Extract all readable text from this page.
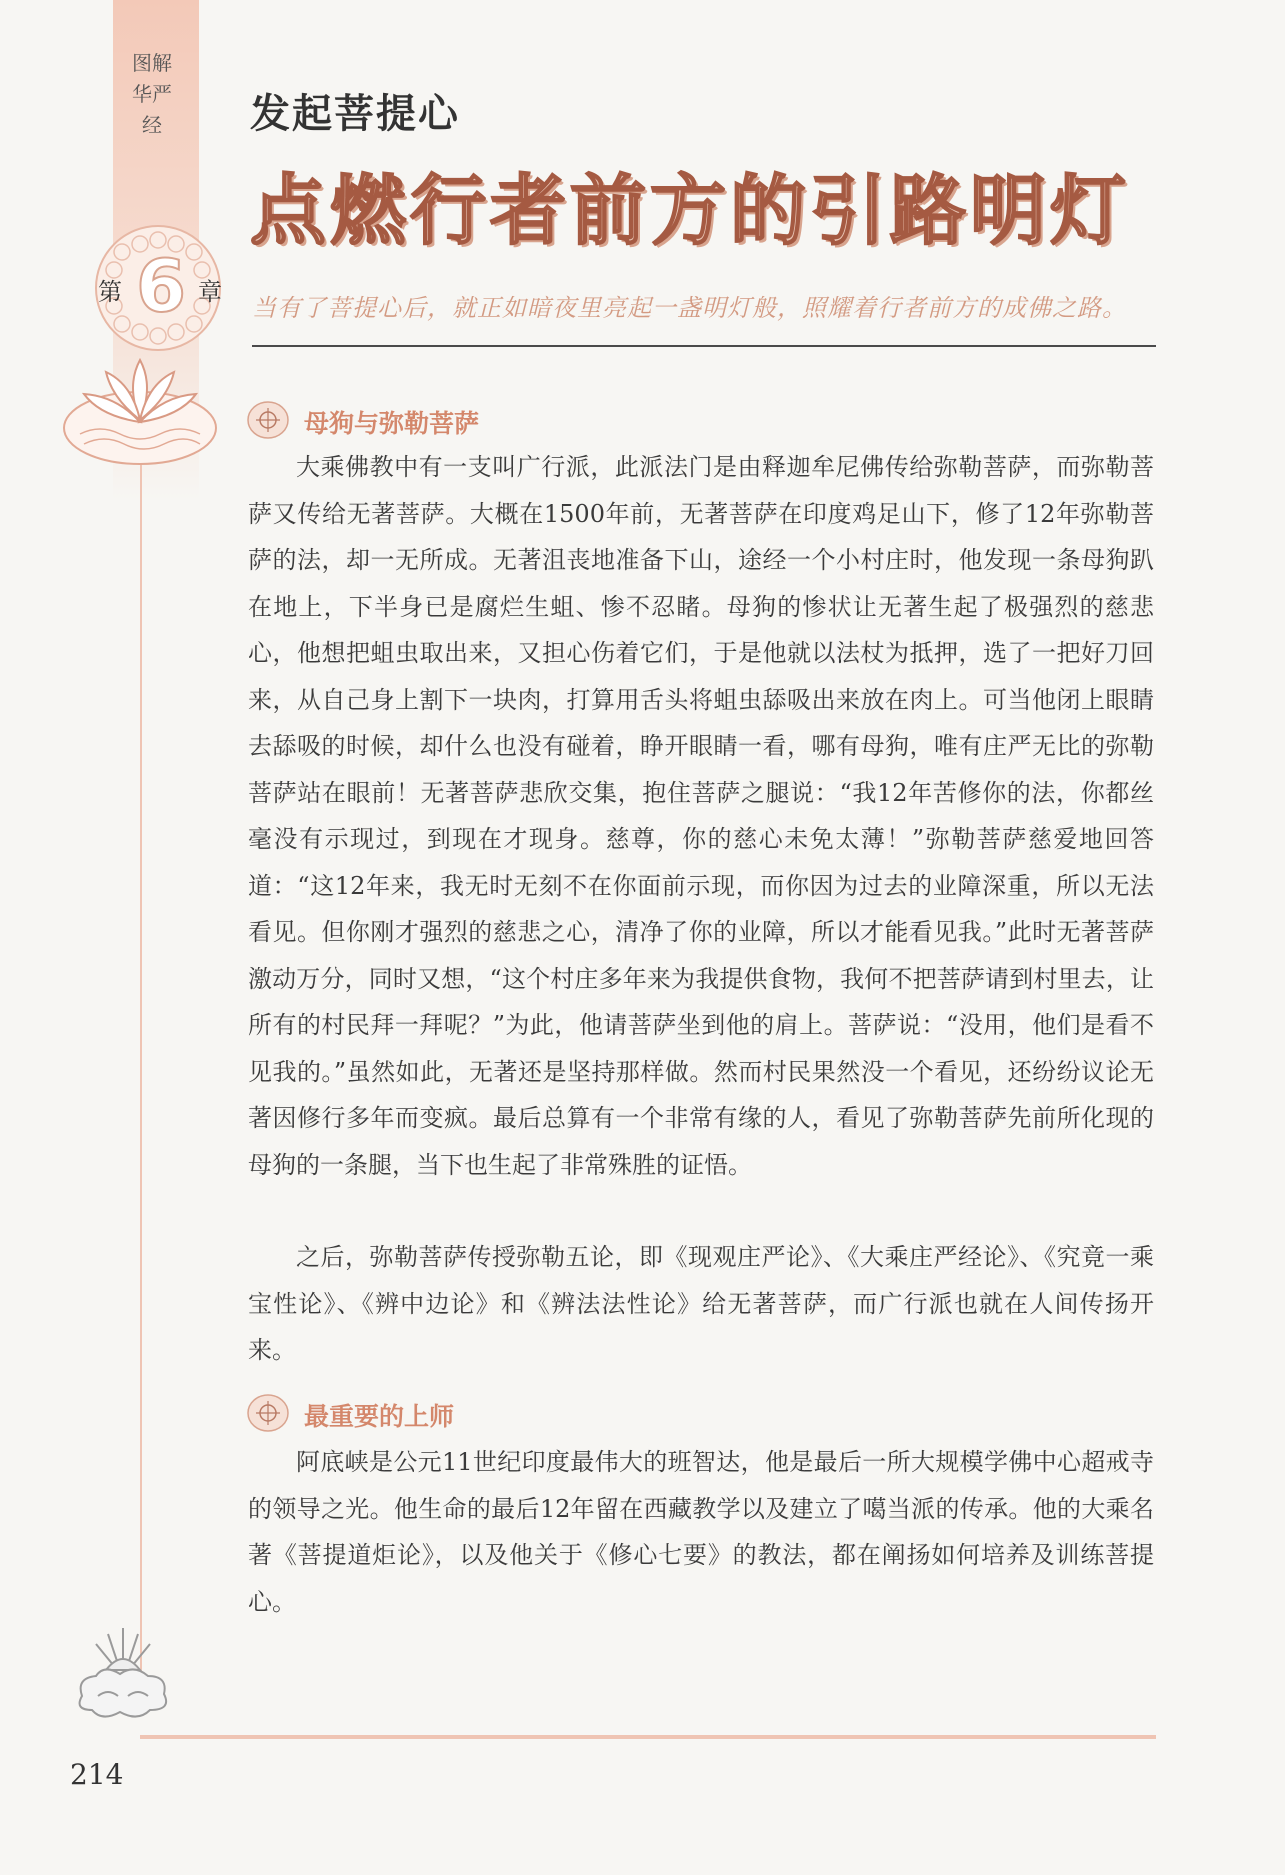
图解华严经
第 6 章
发起菩提心
点燃行者前方的引路明灯
当有了菩提心后，就正如暗夜里亮起一盏明灯般，照耀着行者前方的成佛之路。
母狗与弥勒菩萨

大乘佛教中有一支叫广行派，此派法门是由释迦牟尼佛传给弥勒菩萨，而弥勒菩萨又传给无著菩萨。大概在1500年前，无著菩萨在印度鸡足山下，修了12年弥勒菩萨的法，却一无所成。无著沮丧地准备下山，途经一个小村庄时，他发现一条母狗趴在地上，下半身已是腐烂生蛆、惨不忍睹。母狗的惨状让无著生起了极强烈的慈悲心，他想把蛆虫取出来，又担心伤着它们，于是他就以法杖为抵押，选了一把好刀回来，从自己身上割下一块肉，打算用舌头将蛆虫舔吸出来放在肉上。可当他闭上眼睛去舔吸的时候，却什么也没有碰着，睁开眼睛一看，哪有母狗，唯有庄严无比的弥勒菩萨站在眼前！无著菩萨悲欣交集，抱住菩萨之腿说：“我12年苦修你的法，你都丝毫没有示现过，到现在才现身。慈尊，你的慈心未免太薄！”弥勒菩萨慈爱地回答道：“这12年来，我无时无刻不在你面前示现，而你因为过去的业障深重，所以无法看见。但你刚才强烈的慈悲之心，清净了你的业障，所以才能看见我。”此时无著菩萨激动万分，同时又想，“这个村庄多年来为我提供食物，我何不把菩萨请到村里去，让所有的村民拜一拜呢？”为此，他请菩萨坐到他的肩上。菩萨说：“没用，他们是看不见我的。”虽然如此，无著还是坚持那样做。然而村民果然没一个看见，还纷纷议论无著因修行多年而变疯。最后总算有一个非常有缘的人，看见了弥勒菩萨先前所化现的母狗的一条腿，当下也生起了非常殊胜的证悟。

之后，弥勒菩萨传授弥勒五论，即《现观庄严论》、《大乘庄严经论》、《究竟一乘宝性论》、《辨中边论》和《辨法法性论》给无著菩萨，而广行派也就在人间传扬开来。

最重要的上师

阿底峡是公元11世纪印度最伟大的班智达，他是最后一所大规模学佛中心超戒寺的领导之光。他生命的最后12年留在西藏教学以及建立了噶当派的传承。他的大乘名著《菩提道炬论》，以及他关于《修心七要》的教法，都在阐扬如何培养及训练菩提心。

214
